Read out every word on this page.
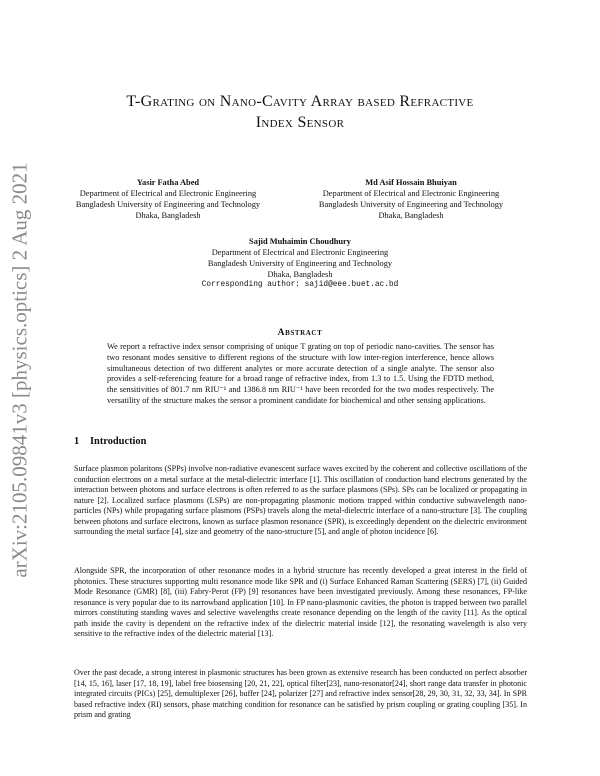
arXiv:2105.09841v3 [physics.optics] 2 Aug 2021
T-Grating on Nano-Cavity Array based Refractive
Index Sensor
Yasir Fatha Abed
Department of Electrical and Electronic Engineering
Bangladesh University of Engineering and Technology
Dhaka, Bangladesh
Md Asif Hossain Bhuiyan
Department of Electrical and Electronic Engineering
Bangladesh University of Engineering and Technology
Dhaka, Bangladesh
Sajid Muhaimin Choudhury
Department of Electrical and Electronic Engineering
Bangladesh University of Engineering and Technology
Dhaka, Bangladesh
Corresponding author: sajid@eee.buet.ac.bd
Abstract
We report a refractive index sensor comprising of unique T grating on top of periodic nano-cavities. The sensor has two resonant modes sensitive to different regions of the structure with low inter-region interference, hence allows simultaneous detection of two different analytes or more accurate detection of a single analyte. The sensor also provides a self-referencing feature for a broad range of refractive index, from 1.3 to 1.5. Using the FDTD method, the sensitivities of 801.7 nm RIU⁻¹ and 1386.8 nm RIU⁻¹ have been recorded for the two modes respectively. The versatility of the structure makes the sensor a prominent candidate for biochemical and other sensing applications.
1 Introduction

Surface plasmon polaritons (SPPs) involve non-radiative evanescent surface waves excited by the coherent and collective oscillations of the conduction electrons on a metal surface at the metal-dielectric interface [1]. This oscillation of conduction band electrons generated by the interaction between photons and surface electrons is often referred to as the surface plasmons (SPs). SPs can be localized or propagating in nature [2]. Localized surface plasmons (LSPs) are non-propagating plasmonic motions trapped within conductive subwavelength nano-particles (NPs) while propagating surface plasmons (PSPs) travels along the metal-dielectric interface of a nano-structure [3]. The coupling between photons and surface electrons, known as surface plasmon resonance (SPR), is exceedingly dependent on the dielectric environment surrounding the metal surface [4], size and geometry of the nano-structure [5], and angle of photon incidence [6].

Alongside SPR, the incorporation of other resonance modes in a hybrid structure has recently developed a great interest in the field of photonics. These structures supporting multi resonance mode like SPR and (i) Surface Enhanced Raman Scattering (SERS) [7], (ii) Guided Mode Resonance (GMR) [8], (iii) Fabry-Perot (FP) [9] resonances have been investigated previously. Among these resonances, FP-like resonance is very popular due to its narrowband application [10]. In FP nano-plasmonic cavities, the photon is trapped between two parallel mirrors constituting standing waves and selective wavelengths create resonance depending on the length of the cavity [11]. As the optical path inside the cavity is dependent on the refractive index of the dielectric material inside [12], the resonating wavelength is also very sensitive to the refractive index of the dielectric material [13].

Over the past decade, a strong interest in plasmonic structures has been grown as extensive research has been conducted on perfect absorber [14, 15, 16], laser [17, 18, 19], label free biosensing [20, 21, 22], optical filter[23], nano-resonator[24], short range data transfer in photonic integrated circuits (PICs) [25], demultiplexer [26], buffer [24], polarizer [27] and refractive index sensor[28, 29, 30, 31, 32, 33, 34]. In SPR based refractive index (RI) sensors, phase matching condition for resonance can be satisfied by prism coupling or grating coupling [35]. In prism and grating
